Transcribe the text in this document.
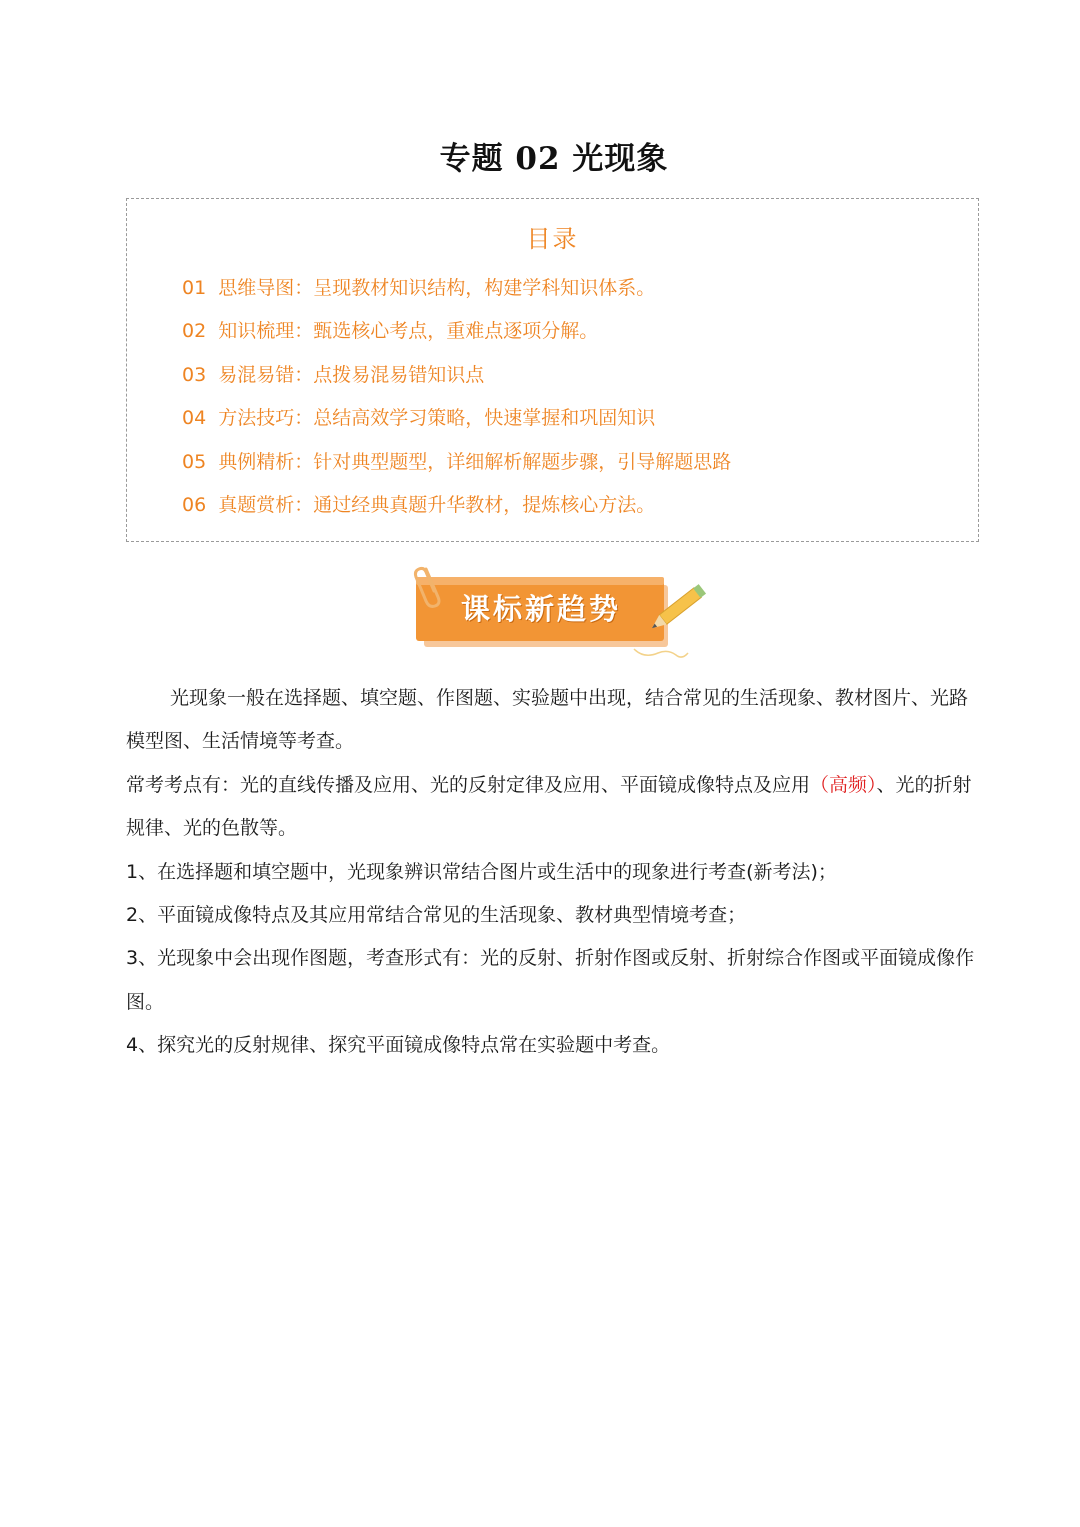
专题 02 光现象
目录
01 思维导图：呈现教材知识结构，构建学科知识体系。
02 知识梳理：甄选核心考点，重难点逐项分解。
03 易混易错：点拨易混易错知识点
04 方法技巧：总结高效学习策略，快速掌握和巩固知识
05 典例精析：针对典型题型，详细解析解题步骤，引导解题思路
06 真题赏析：通过经典真题升华教材，提炼核心方法。
课标新趋势

光现象一般在选择题、填空题、作图题、实验题中出现，结合常见的生活现象、教材图片、光路模型图、生活情境等考查。

常考考点有：光的直线传播及应用、光的反射定律及应用、平面镜成像特点及应用（高频）、光的折射规律、光的色散等。

1、在选择题和填空题中，光现象辨识常结合图片或生活中的现象进行考查(新考法)；

2、平面镜成像特点及其应用常结合常见的生活现象、教材典型情境考查；

3、光现象中会出现作图题，考查形式有：光的反射、折射作图或反射、折射综合作图或平面镜成像作图。

4、探究光的反射规律、探究平面镜成像特点常在实验题中考查。
